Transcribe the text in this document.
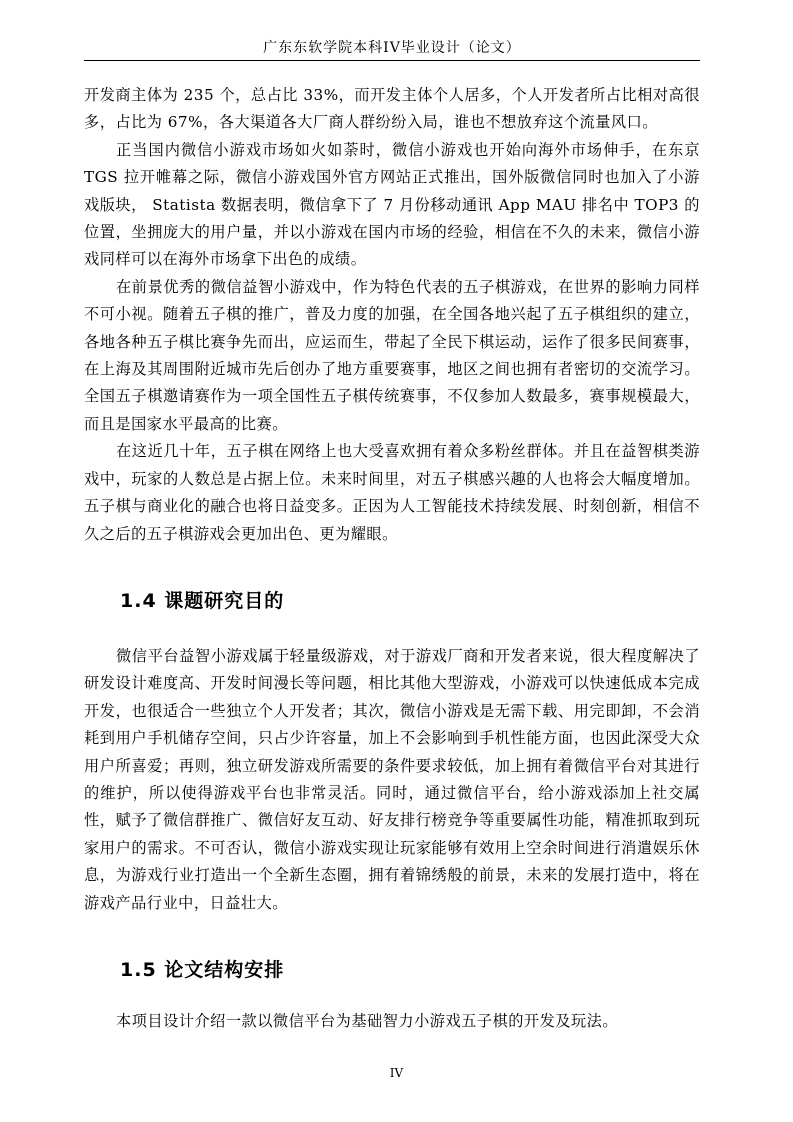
广东东软学院本科IV毕业设计（论文）

开发商主体为 235 个，总占比 33%，而开发主体个人居多，个人开发者所占比相对高很多，占比为 67%，各大渠道各大厂商人群纷纷入局，谁也不想放弃这个流量风口。

正当国内微信小游戏市场如火如荼时，微信小游戏也开始向海外市场伸手，在东京 TGS 拉开帷幕之际，微信小游戏国外官方网站正式推出，国外版微信同时也加入了小游戏版块， Statista 数据表明，微信拿下了 7 月份移动通讯 App MAU 排名中 TOP3 的位置，坐拥庞大的用户量，并以小游戏在国内市场的经验，相信在不久的未来，微信小游戏同样可以在海外市场拿下出色的成绩。

在前景优秀的微信益智小游戏中，作为特色代表的五子棋游戏，在世界的影响力同样不可小视。随着五子棋的推广，普及力度的加强，在全国各地兴起了五子棋组织的建立，各地各种五子棋比赛争先而出，应运而生，带起了全民下棋运动，运作了很多民间赛事，在上海及其周围附近城市先后创办了地方重要赛事，地区之间也拥有者密切的交流学习。全国五子棋邀请赛作为一项全国性五子棋传统赛事，不仅参加人数最多，赛事规模最大，而且是国家水平最高的比赛。

在这近几十年，五子棋在网络上也大受喜欢拥有着众多粉丝群体。并且在益智棋类游戏中，玩家的人数总是占据上位。未来时间里，对五子棋感兴趣的人也将会大幅度增加。五子棋与商业化的融合也将日益变多。正因为人工智能技术持续发展、时刻创新，相信不久之后的五子棋游戏会更加出色、更为耀眼。

1.4 课题研究目的

微信平台益智小游戏属于轻量级游戏，对于游戏厂商和开发者来说，很大程度解决了研发设计难度高、开发时间漫长等问题，相比其他大型游戏，小游戏可以快速低成本完成开发，也很适合一些独立个人开发者；其次，微信小游戏是无需下载、用完即卸，不会消耗到用户手机储存空间，只占少许容量，加上不会影响到手机性能方面，也因此深受大众用户所喜爱；再则，独立研发游戏所需要的条件要求较低，加上拥有着微信平台对其进行的维护，所以使得游戏平台也非常灵活。同时，通过微信平台，给小游戏添加上社交属性，赋予了微信群推广、微信好友互动、好友排行榜竞争等重要属性功能，精准抓取到玩家用户的需求。不可否认，微信小游戏实现让玩家能够有效用上空余时间进行消遣娱乐休息，为游戏行业打造出一个全新生态圈，拥有着锦绣般的前景，未来的发展打造中，将在游戏产品行业中，日益壮大。

1.5 论文结构安排

本项目设计介绍一款以微信平台为基础智力小游戏五子棋的开发及玩法。

IV
